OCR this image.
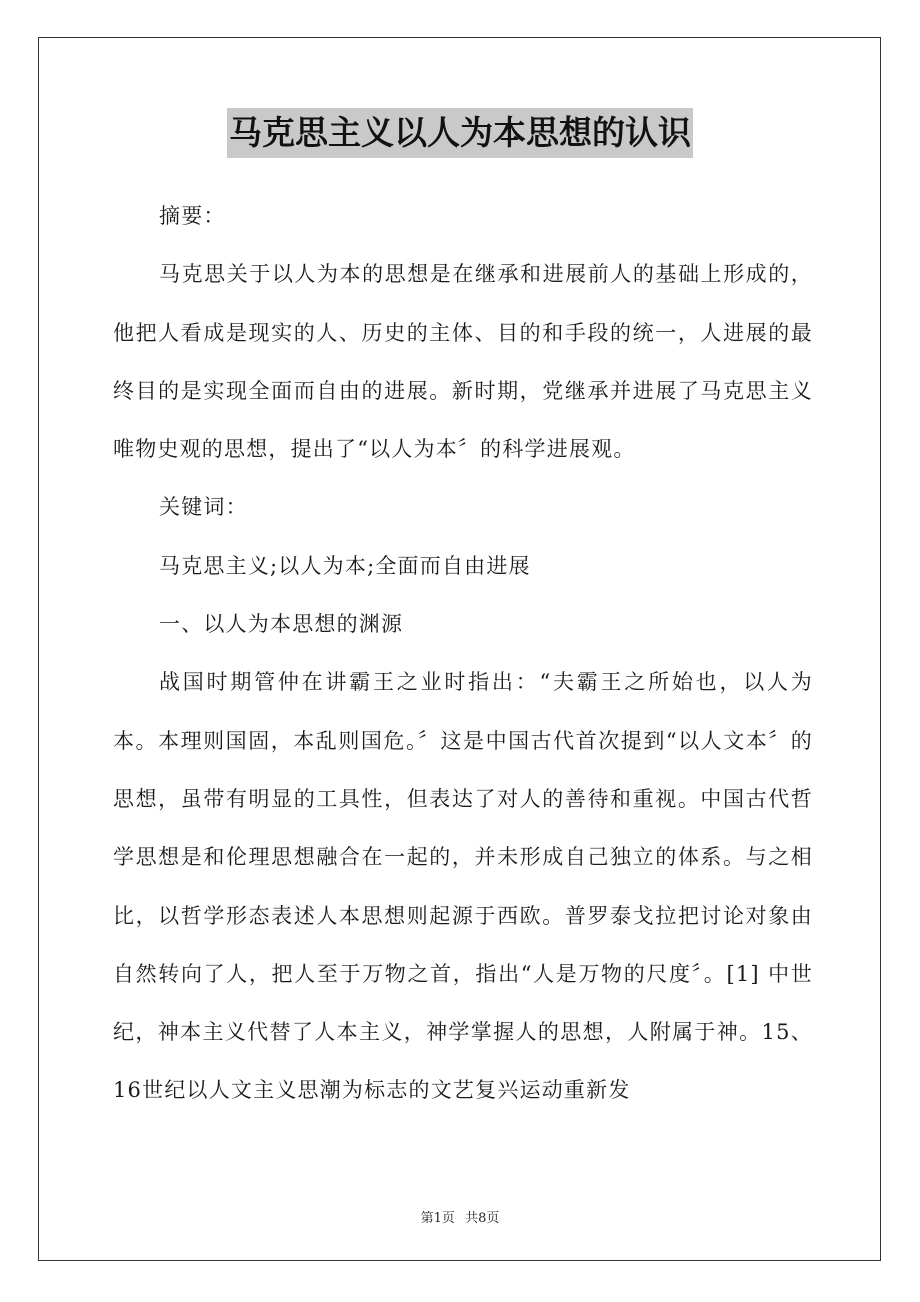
马克思主义以人为本思想的认识

摘要：

马克思关于以人为本的思想是在继承和进展前人的基础上形成的，他把人看成是现实的人、历史的主体、目的和手段的统一，人进展的最终目的是实现全面而自由的进展。新时期，党继承并进展了马克思主义唯物史观的思想，提出了“以人为本〞的科学进展观。

关键词：

马克思主义;以人为本;全面而自由进展

一、以人为本思想的渊源

战国时期管仲在讲霸王之业时指出：“夫霸王之所始也，以人为本。本理则国固，本乱则国危。〞这是中国古代首次提到“以人文本〞的思想，虽带有明显的工具性，但表达了对人的善待和重视。中国古代哲学思想是和伦理思想融合在一起的，并未形成自己独立的体系。与之相比，以哲学形态表述人本思想则起源于西欧。普罗泰戈拉把讨论对象由自然转向了人，把人至于万物之首，指出“人是万物的尺度〞。[1] 中世纪，神本主义代替了人本主义，神学掌握人的思想，人附属于神。15、16世纪以人文主义思潮为标志的文艺复兴运动重新发

第1页 共8页
